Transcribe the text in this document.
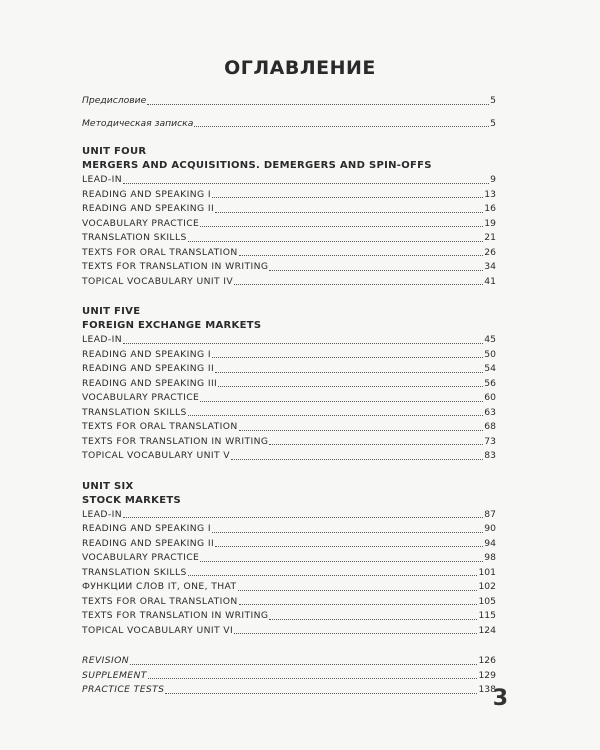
ОГЛАВЛЕНИЕ
Предисловие	5
Методическая записка	5
UNIT FOUR
MERGERS AND ACQUISITIONS. DEMERGERS AND SPIN-OFFS
LEAD-IN	9
READING AND SPEAKING I	13
READING AND SPEAKING II	16
VOCABULARY PRACTICE	19
TRANSLATION SKILLS	21
TEXTS FOR ORAL TRANSLATION	26
TEXTS FOR TRANSLATION IN WRITING	34
TOPICAL VOCABULARY UNIT IV	41
UNIT FIVE
FOREIGN EXCHANGE MARKETS
LEAD-IN	45
READING AND SPEAKING I	50
READING AND SPEAKING II	54
READING AND SPEAKING III	56
VOCABULARY PRACTICE	60
TRANSLATION SKILLS	63
TEXTS FOR ORAL TRANSLATION	68
TEXTS FOR TRANSLATION IN WRITING	73
TOPICAL VOCABULARY UNIT V	83
UNIT SIX
STOCK MARKETS
LEAD-IN	87
READING AND SPEAKING I	90
READING AND SPEAKING II	94
VOCABULARY PRACTICE	98
TRANSLATION SKILLS	101
ФУНКЦИИ СЛОВ IT, ONE, THAT	102
TEXTS FOR ORAL TRANSLATION	105
TEXTS FOR TRANSLATION IN WRITING	115
TOPICAL VOCABULARY UNIT VI	124
REVISION	126
SUPPLEMENT	129
PRACTICE TESTS	138
3
